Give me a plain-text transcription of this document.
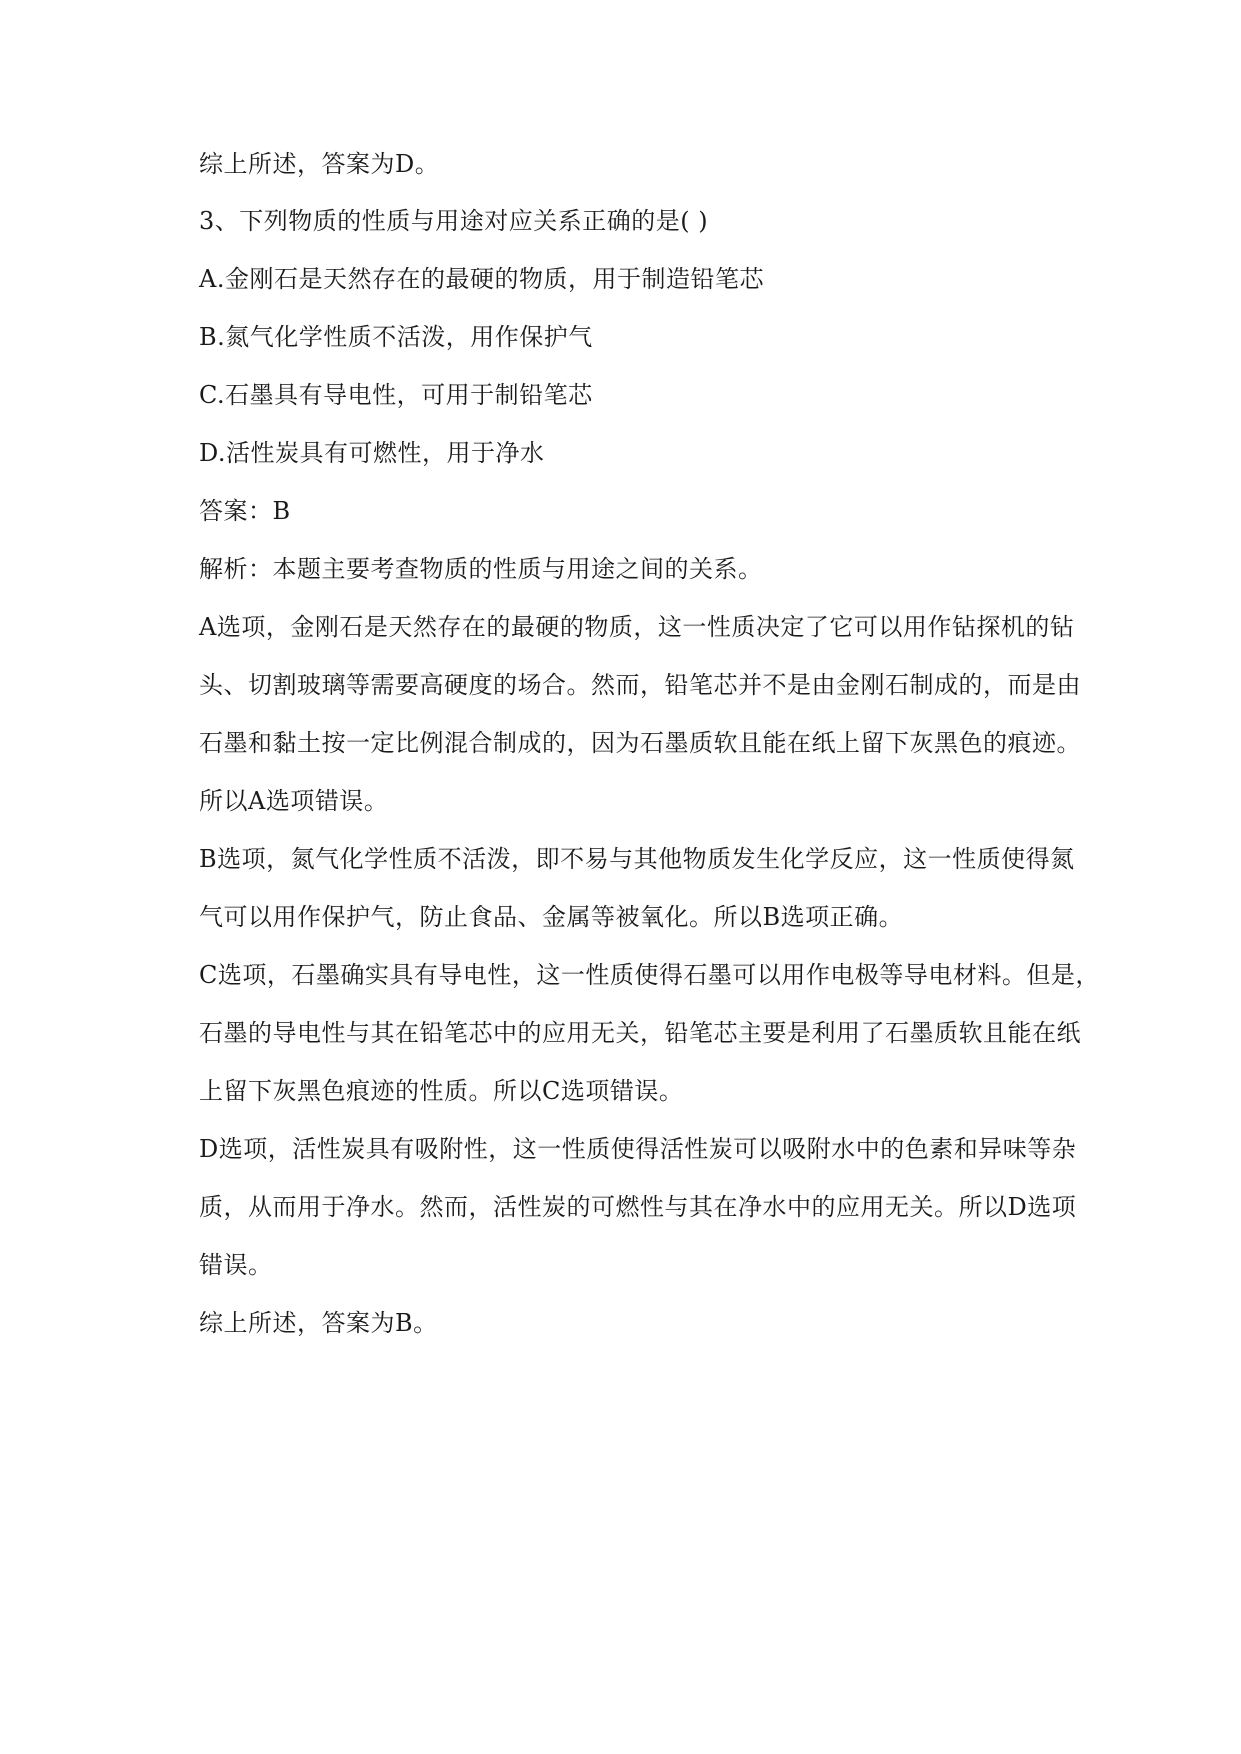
综上所述，答案为D。
3、下列物质的性质与用途对应关系正确的是( )
A.金刚石是天然存在的最硬的物质，用于制造铅笔芯
B.氮气化学性质不活泼，用作保护气
C.石墨具有导电性，可用于制铅笔芯
D.活性炭具有可燃性，用于净水
答案：B
解析：本题主要考查物质的性质与用途之间的关系。
A选项，金刚石是天然存在的最硬的物质，这一性质决定了它可以用作钻探机的钻
头、切割玻璃等需要高硬度的场合。然而，铅笔芯并不是由金刚石制成的，而是由
石墨和黏土按一定比例混合制成的，因为石墨质软且能在纸上留下灰黑色的痕迹。
所以A选项错误。
B选项，氮气化学性质不活泼，即不易与其他物质发生化学反应，这一性质使得氮
气可以用作保护气，防止食品、金属等被氧化。所以B选项正确。
C选项，石墨确实具有导电性，这一性质使得石墨可以用作电极等导电材料。但是，
石墨的导电性与其在铅笔芯中的应用无关，铅笔芯主要是利用了石墨质软且能在纸
上留下灰黑色痕迹的性质。所以C选项错误。
D选项，活性炭具有吸附性，这一性质使得活性炭可以吸附水中的色素和异味等杂
质，从而用于净水。然而，活性炭的可燃性与其在净水中的应用无关。所以D选项
错误。
综上所述，答案为B。
